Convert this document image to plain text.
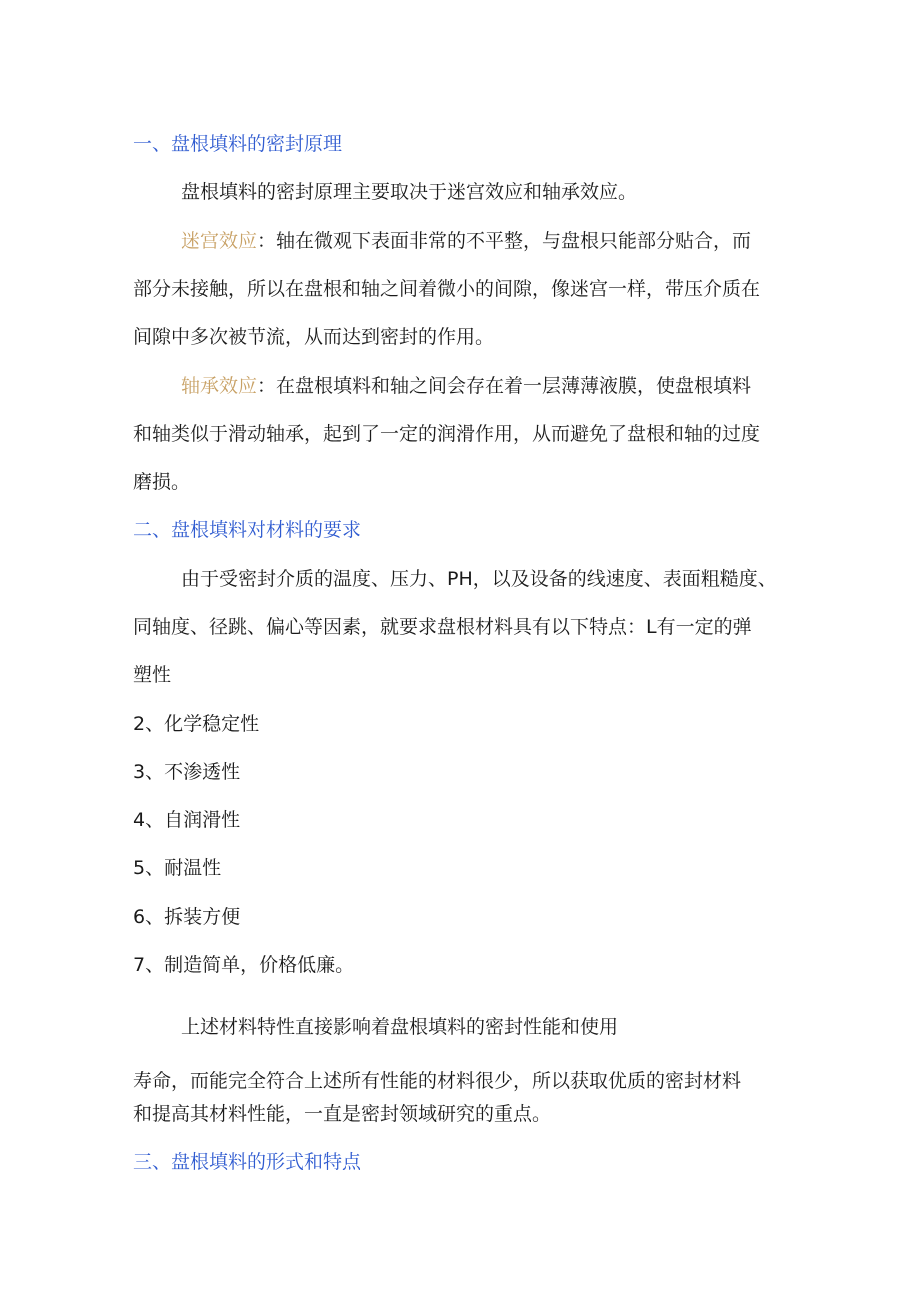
一、盘根填料的密封原理

盘根填料的密封原理主要取决于迷宫效应和轴承效应。

迷宫效应：轴在微观下表面非常的不平整，与盘根只能部分贴合，而

部分未接触，所以在盘根和轴之间着微小的间隙，像迷宫一样，带压介质在

间隙中多次被节流，从而达到密封的作用。

轴承效应：在盘根填料和轴之间会存在着一层薄薄液膜，使盘根填料

和轴类似于滑动轴承，起到了一定的润滑作用，从而避免了盘根和轴的过度

磨损。

二、盘根填料对材料的要求

由于受密封介质的温度、压力、PH，以及设备的线速度、表面粗糙度、

同轴度、径跳、偏心等因素，就要求盘根材料具有以下特点：L有一定的弹

塑性

2、化学稳定性

3、不渗透性

4、自润滑性

5、耐温性

6、拆装方便

7、制造简单，价格低廉。

上述材料特性直接影响着盘根填料的密封性能和使用

寿命，而能完全符合上述所有性能的材料很少，所以获取优质的密封材料

和提高其材料性能，一直是密封领域研究的重点。

三、盘根填料的形式和特点
